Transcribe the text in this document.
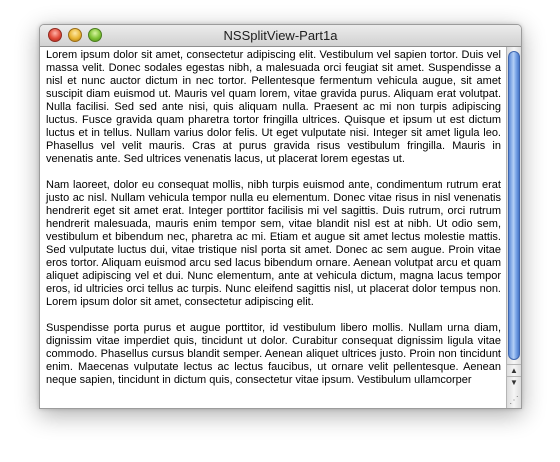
NSSplitView-Part1a

Lorem ipsum dolor sit amet, consectetur adipiscing elit. Vestibulum vel sapien tortor. Duis vel massa velit. Donec sodales egestas nibh, a malesuada orci feugiat sit amet. Suspendisse a nisl et nunc auctor dictum in nec tortor. Pellentesque fermentum vehicula augue, sit amet suscipit diam euismod ut. Mauris vel quam lorem, vitae gravida purus. Aliquam erat volutpat. Nulla facilisi. Sed sed ante nisi, quis aliquam nulla. Praesent ac mi non turpis adipiscing luctus. Fusce gravida quam pharetra tortor fringilla ultrices. Quisque et ipsum ut est dictum luctus et in tellus. Nullam varius dolor felis. Ut eget vulputate nisi. Integer sit amet ligula leo. Phasellus vel velit mauris. Cras at purus gravida risus vestibulum fringilla. Mauris in venenatis ante. Sed ultrices venenatis lacus, ut placerat lorem egestas ut.

Nam laoreet, dolor eu consequat mollis, nibh turpis euismod ante, condimentum rutrum erat justo ac nisl. Nullam vehicula tempor nulla eu elementum. Donec vitae risus in nisl venenatis hendrerit eget sit amet erat. Integer porttitor facilisis mi vel sagittis. Duis rutrum, orci rutrum hendrerit malesuada, mauris enim tempor sem, vitae blandit nisl est at nibh. Ut odio sem, vestibulum et bibendum nec, pharetra ac mi. Etiam et augue sit amet lectus molestie mattis. Sed vulputate luctus dui, vitae tristique nisl porta sit amet. Donec ac sem augue. Proin vitae eros tortor. Aliquam euismod arcu sed lacus bibendum ornare. Aenean volutpat arcu et quam aliquet adipiscing vel et dui. Nunc elementum, ante at vehicula dictum, magna lacus tempor eros, id ultricies orci tellus ac turpis. Nunc eleifend sagittis nisl, ut placerat dolor tempus non. Lorem ipsum dolor sit amet, consectetur adipiscing elit.

Suspendisse porta purus et augue porttitor, id vestibulum libero mollis. Nullam urna diam, dignissim vitae imperdiet quis, tincidunt ut dolor. Curabitur consequat dignissim ligula vitae commodo. Phasellus cursus blandit semper. Aenean aliquet ultrices justo. Proin non tincidunt enim. Maecenas vulputate lectus ac lectus faucibus, ut ornare velit pellentesque. Aenean neque sapien, tincidunt in dictum quis, consectetur vitae ipsum. Vestibulum ullamcorper

▲
▼
⋰
